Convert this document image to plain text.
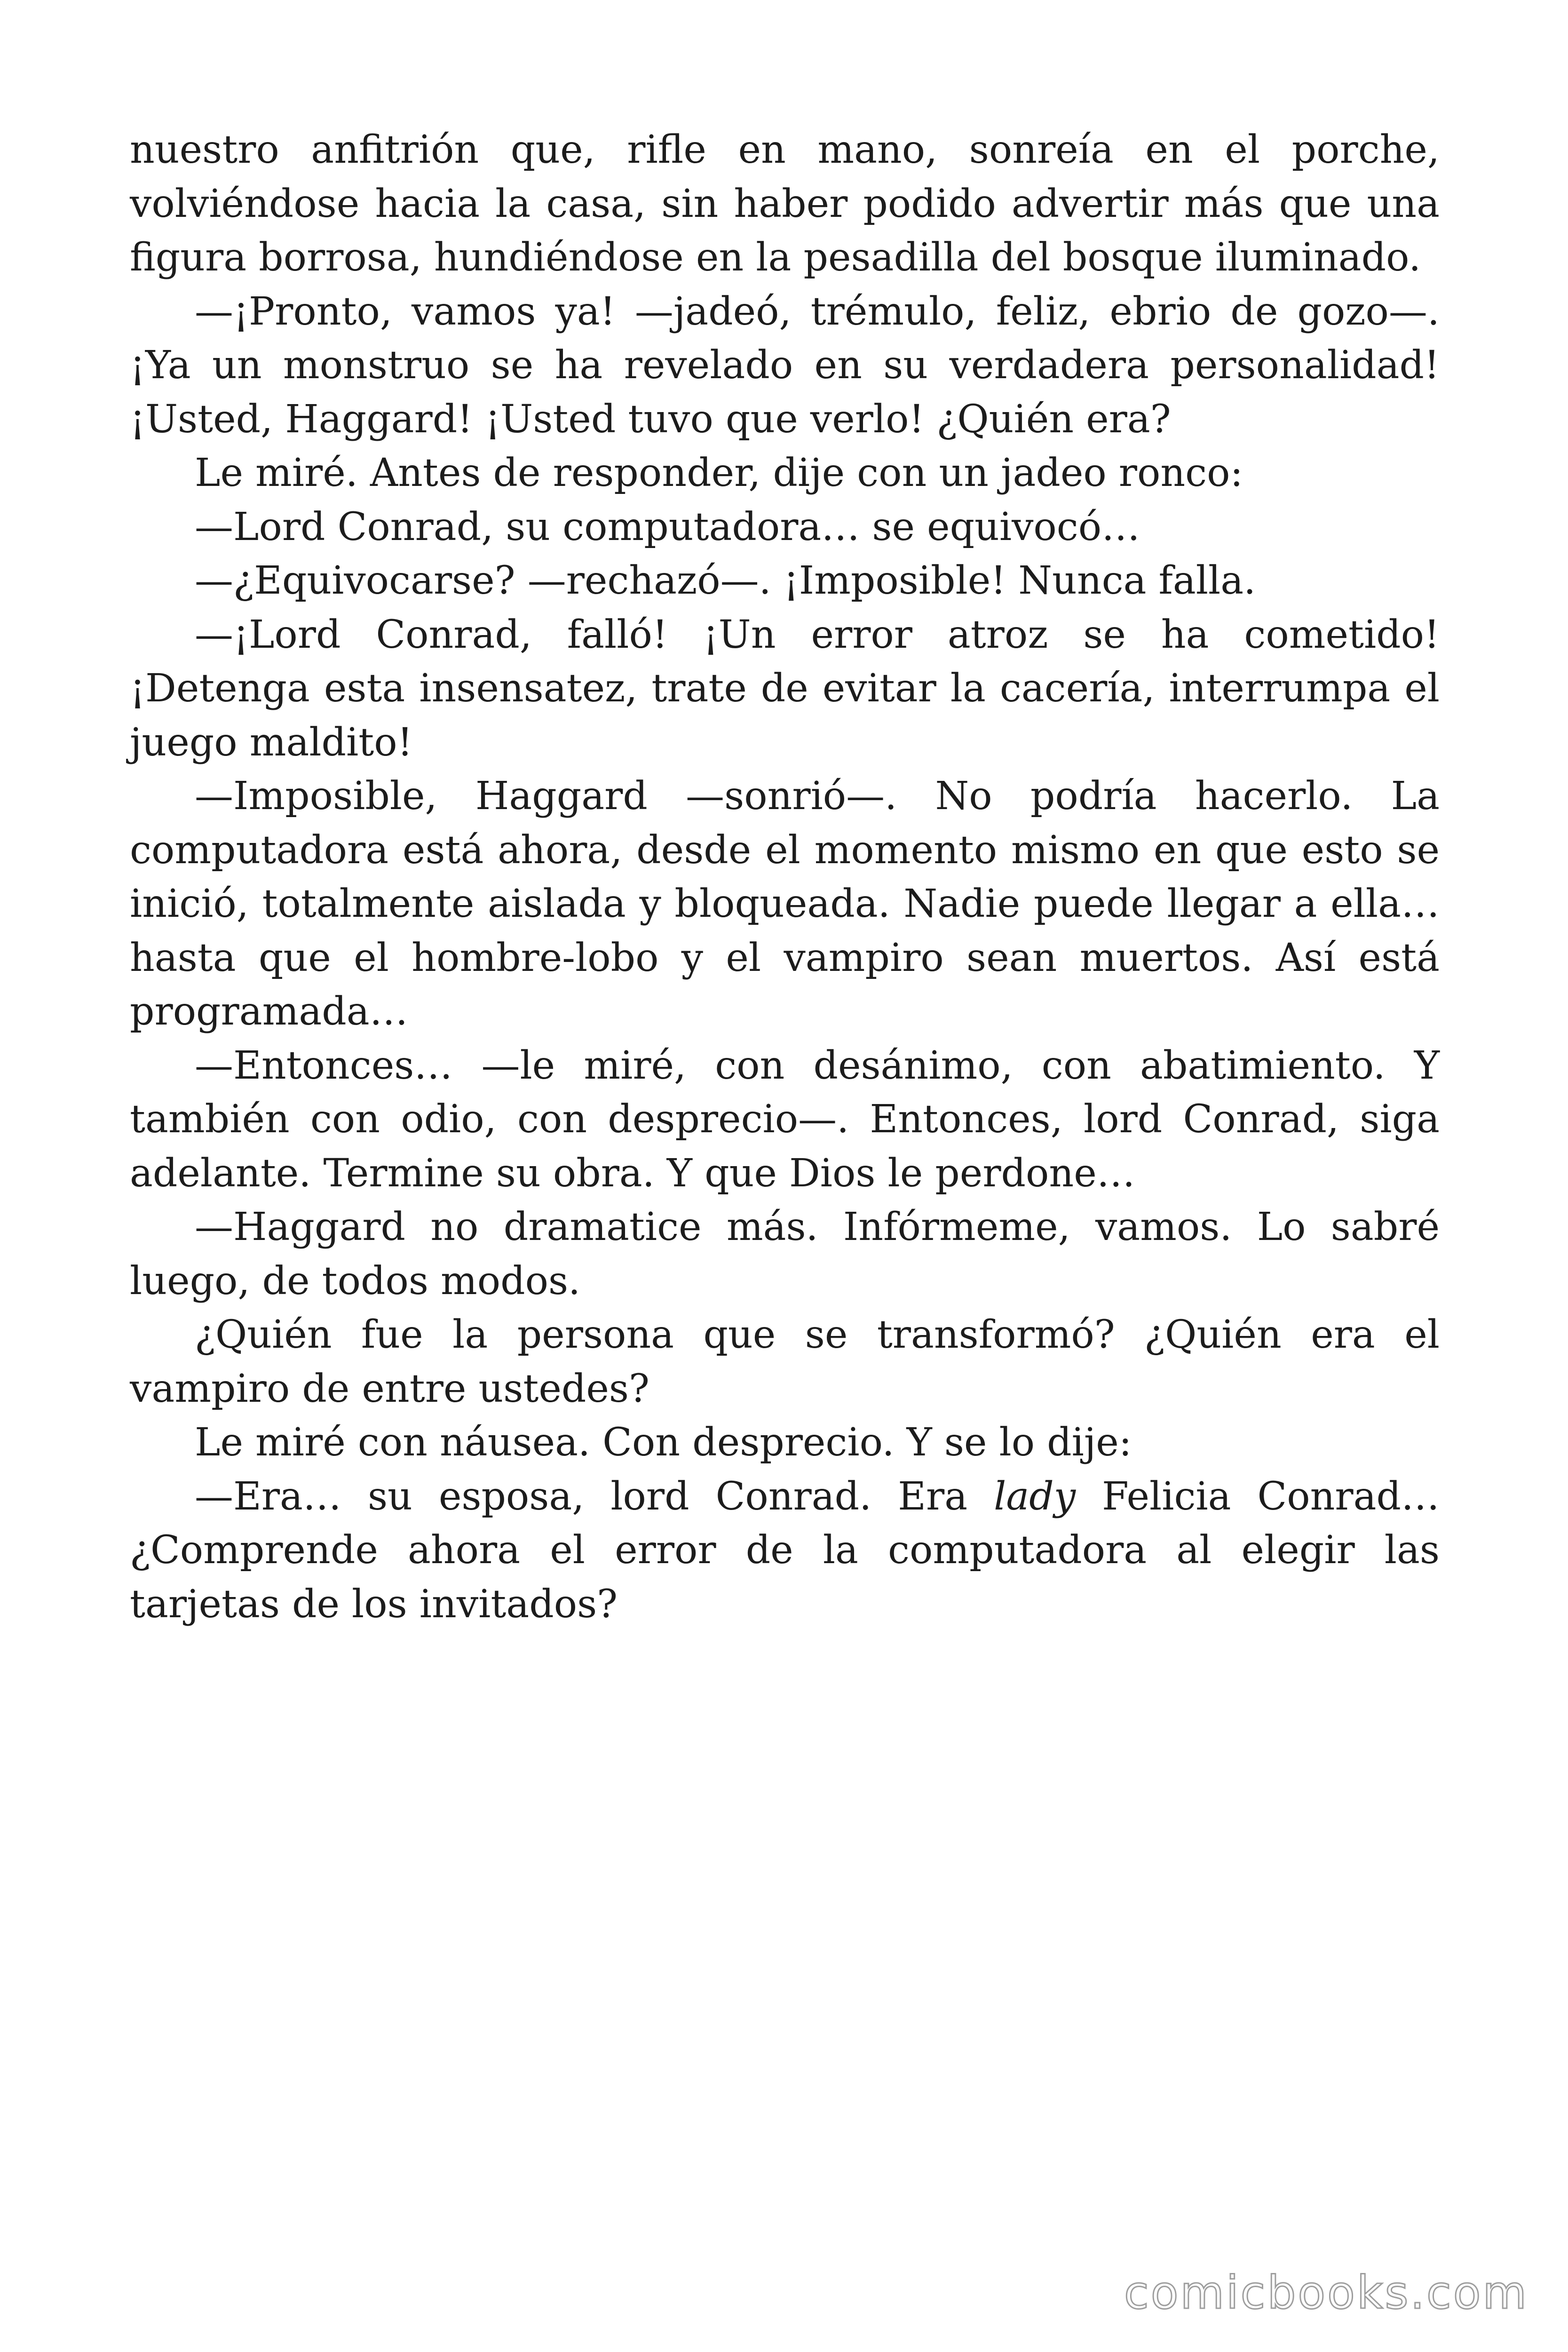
nuestro anfitrión que, rifle en mano, sonreía en el porche, volviéndose hacia la casa, sin haber podido advertir más que una figura borrosa, hundiéndose en la pesadilla del bosque iluminado.

—¡Pronto, vamos ya! —jadeó, trémulo, feliz, ebrio de gozo—. ¡Ya un monstruo se ha revelado en su verdadera personalidad! ¡Usted, Haggard! ¡Usted tuvo que verlo! ¿Quién era?

Le miré. Antes de responder, dije con un jadeo ronco:

—Lord Conrad, su computadora… se equivocó…

—¿Equivocarse? —rechazó—. ¡Imposible! Nunca falla.

—¡Lord Conrad, falló! ¡Un error atroz se ha cometido! ¡Detenga esta insensatez, trate de evitar la cacería, interrumpa el juego maldito!

—Imposible, Haggard —sonrió—. No podría hacerlo. La computadora está ahora, desde el momento mismo en que esto se inició, totalmente aislada y bloqueada. Nadie puede llegar a ella… hasta que el hombre-lobo y el vampiro sean muertos. Así está programada…

—Entonces… —le miré, con desánimo, con abatimiento. Y también con odio, con desprecio—. Entonces, lord Conrad, siga adelante. Termine su obra. Y que Dios le perdone…

—Haggard no dramatice más. Infórmeme, vamos. Lo sabré luego, de todos modos.

¿Quién fue la persona que se transformó? ¿Quién era el vampiro de entre ustedes?

Le miré con náusea. Con desprecio. Y se lo dije:

—Era… su esposa, lord Conrad. Era lady Felicia Conrad… ¿Comprende ahora el error de la computadora al elegir las tarjetas de los invitados?

comicbooks.com
